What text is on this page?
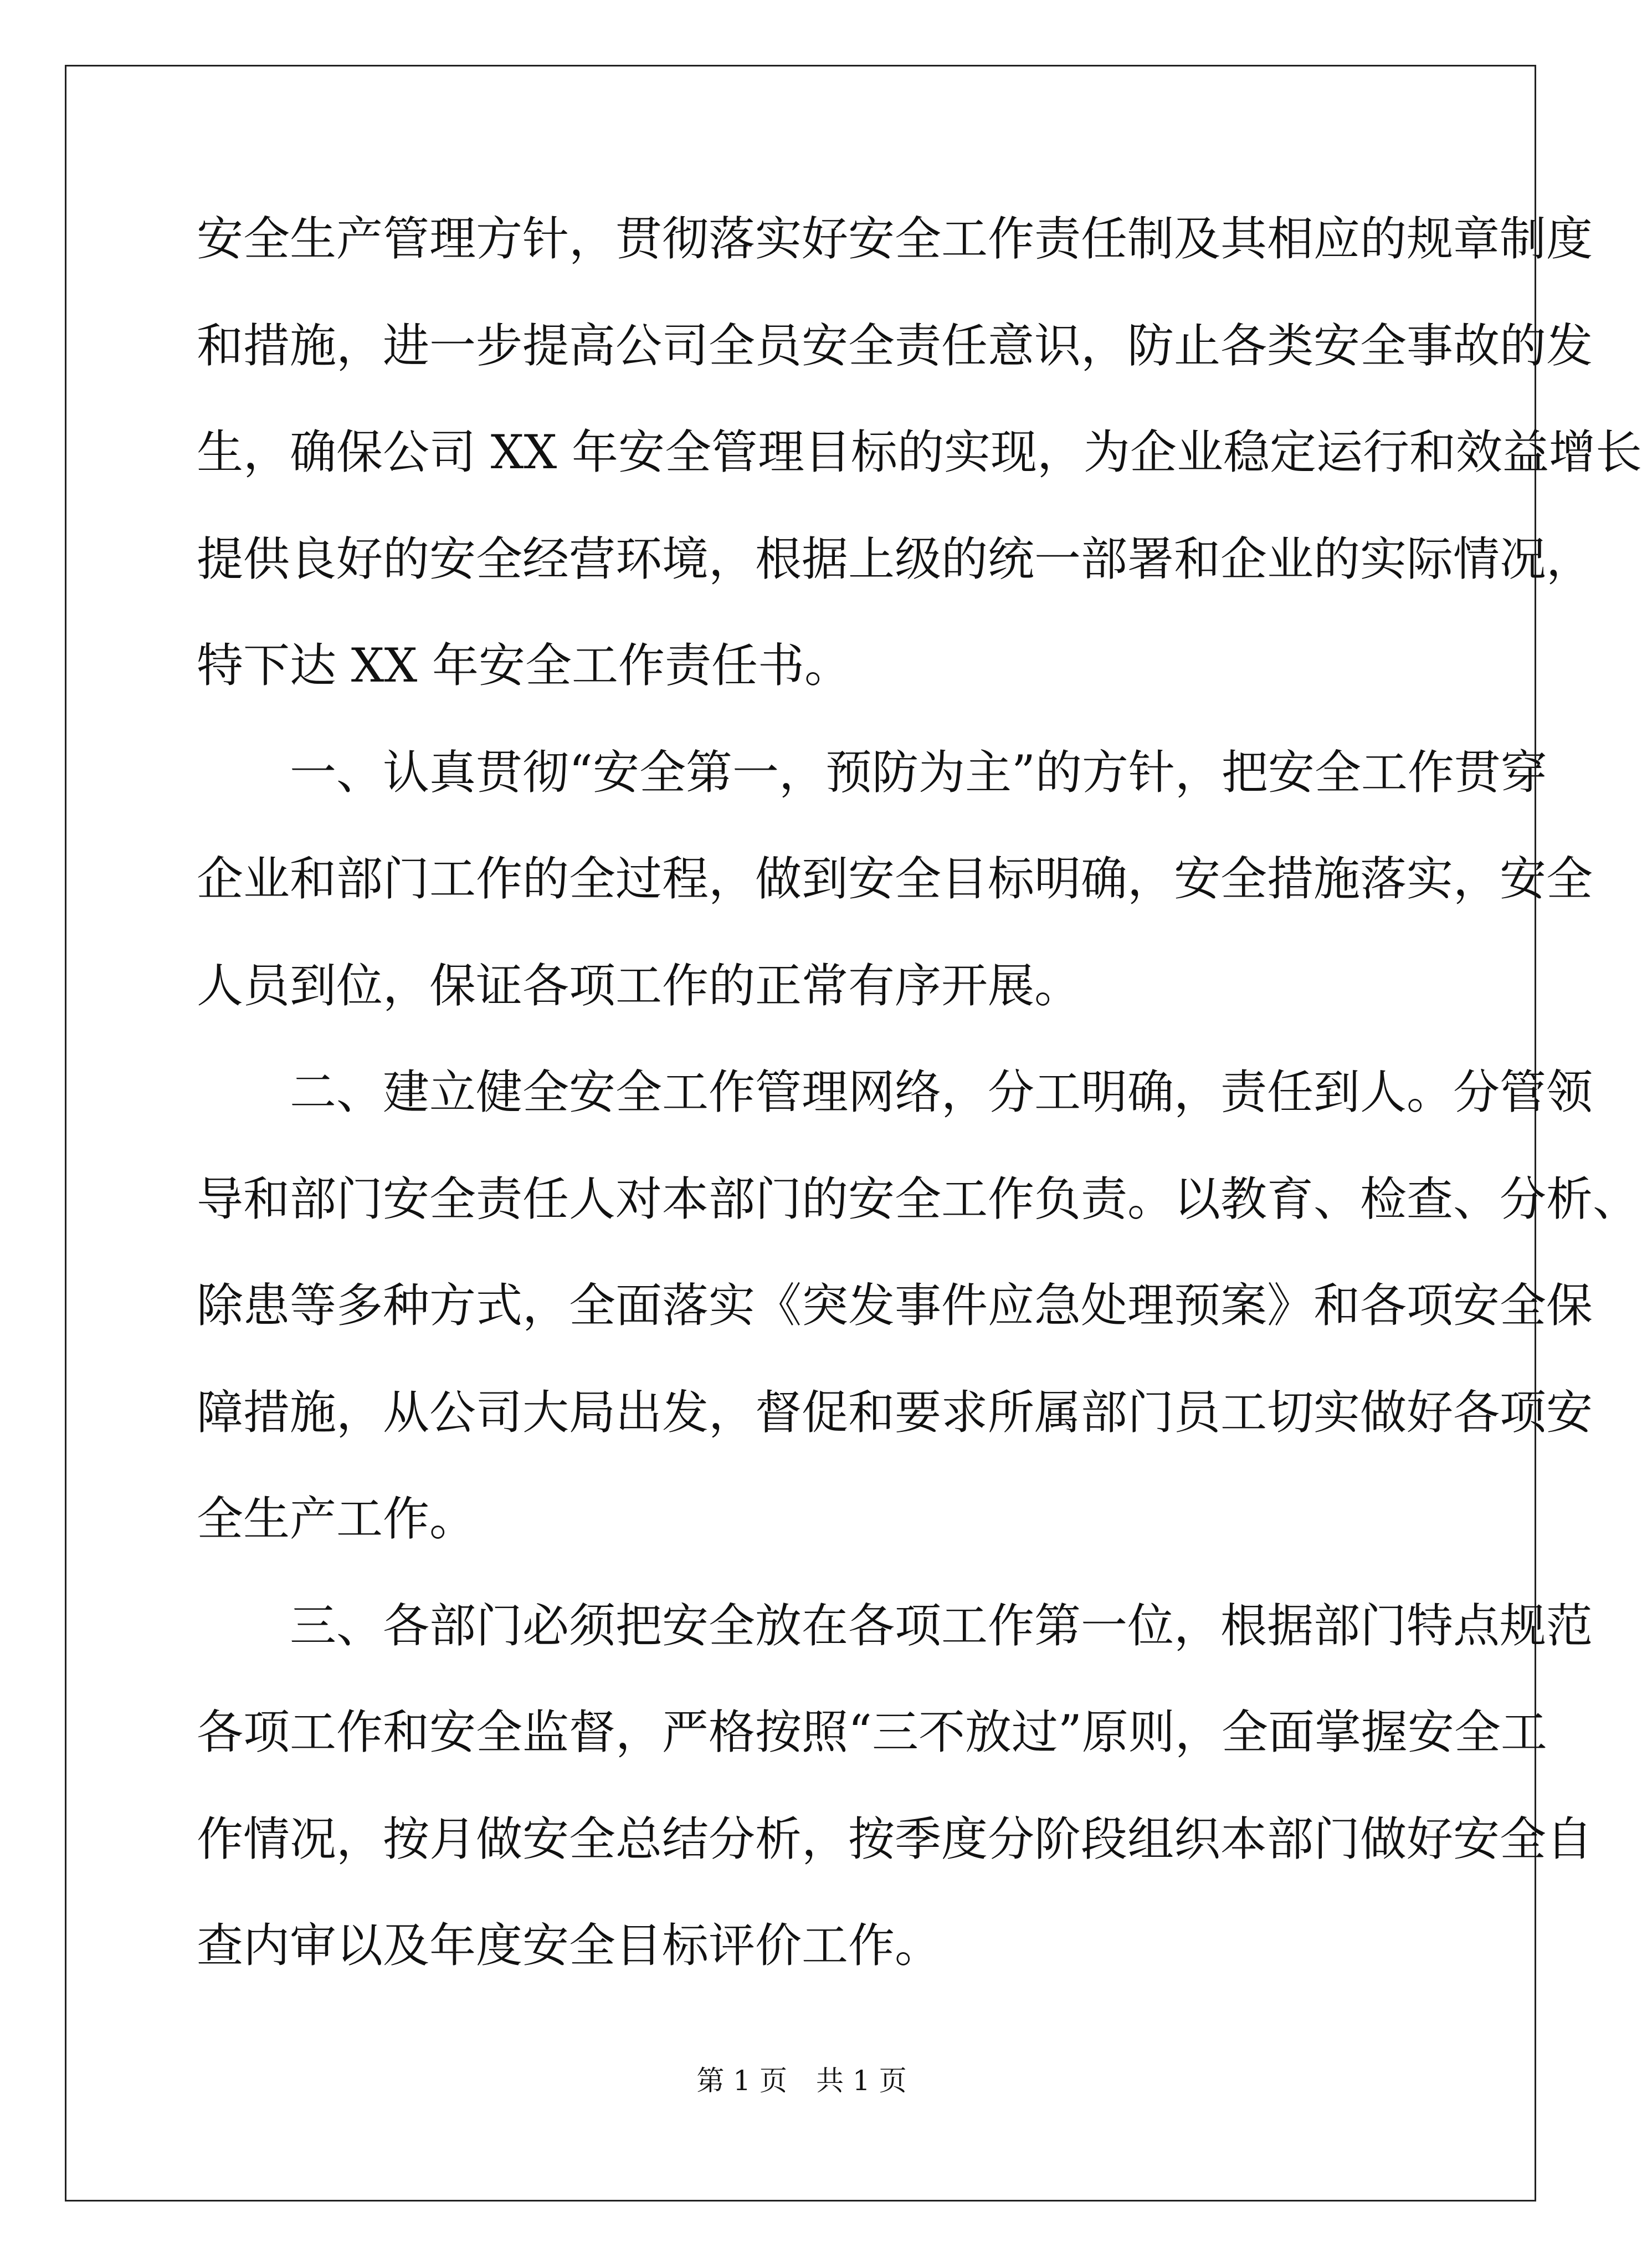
安全生产管理方针，贯彻落实好安全工作责任制及其相应的规章制度
和措施，进一步提高公司全员安全责任意识，防止各类安全事故的发
生，确保公司 XX 年安全管理目标的实现，为企业稳定运行和效益增长
提供良好的安全经营环境，根据上级的统一部署和企业的实际情况，
特下达 XX 年安全工作责任书。
　　一、认真贯彻“安全第一，预防为主”的方针，把安全工作贯穿
企业和部门工作的全过程，做到安全目标明确，安全措施落实，安全
人员到位，保证各项工作的正常有序开展。
　　二、建立健全安全工作管理网络，分工明确，责任到人。分管领
导和部门安全责任人对本部门的安全工作负责。以教育、检查、分析、
除患等多种方式，全面落实《突发事件应急处理预案》和各项安全保
障措施，从公司大局出发，督促和要求所属部门员工切实做好各项安
全生产工作。
　　三、各部门必须把安全放在各项工作第一位，根据部门特点规范
各项工作和安全监督，严格按照“三不放过”原则，全面掌握安全工
作情况，按月做安全总结分析，按季度分阶段组织本部门做好安全自
查内审以及年度安全目标评价工作。
第 1 页 共 1 页
